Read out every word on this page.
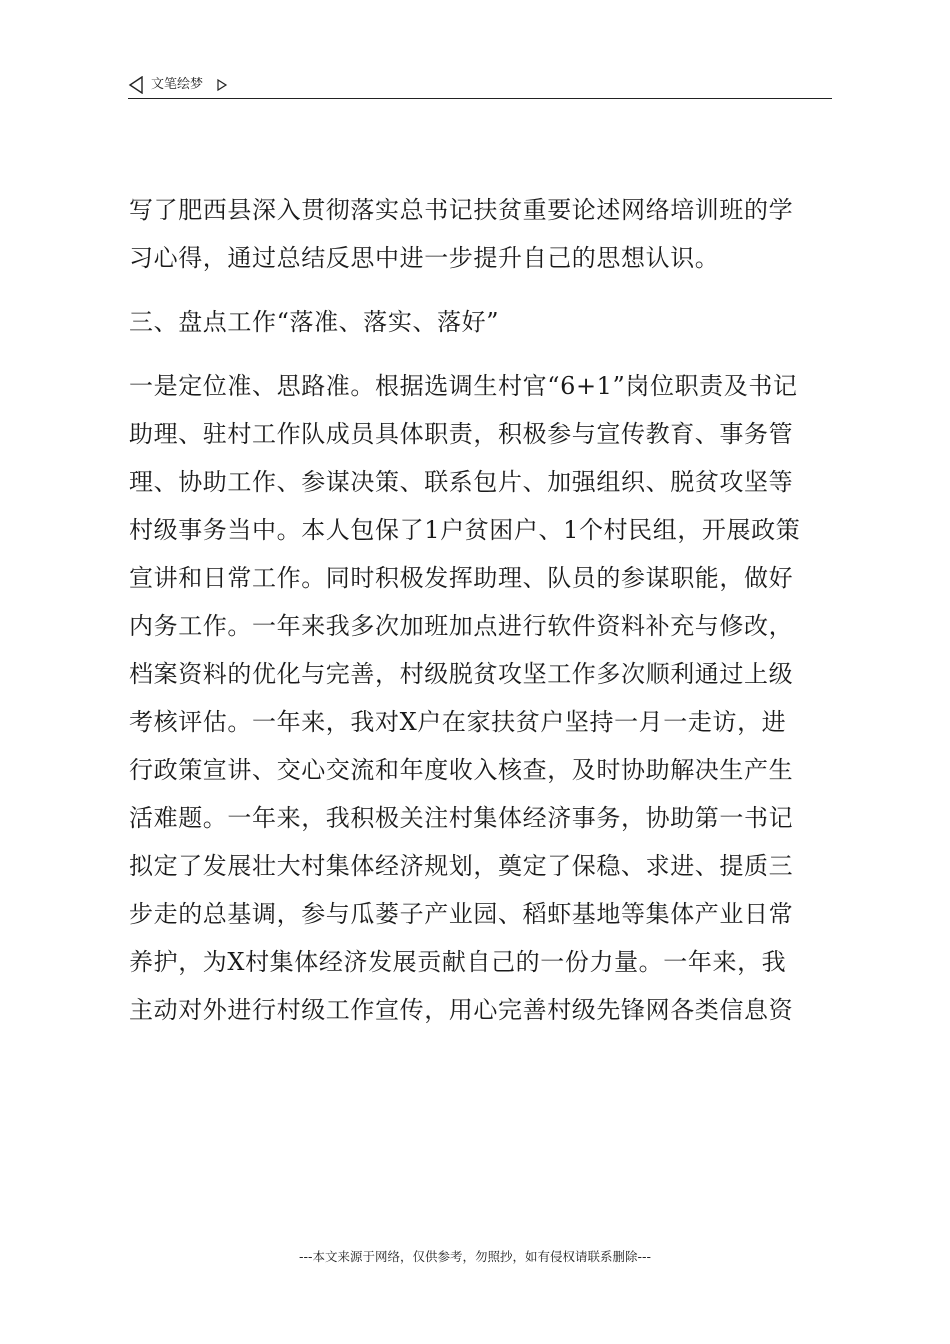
文笔绘梦
写了肥西县深入贯彻落实总书记扶贫重要论述网络培训班的学
习心得，通过总结反思中进一步提升自己的思想认识。
三、盘点工作“落准、落实、落好”
一是定位准、思路准。根据选调生村官“6+1”岗位职责及书记
助理、驻村工作队成员具体职责，积极参与宣传教育、事务管
理、协助工作、参谋决策、联系包片、加强组织、脱贫攻坚等
村级事务当中。本人包保了1户贫困户、1个村民组，开展政策
宣讲和日常工作。同时积极发挥助理、队员的参谋职能，做好
内务工作。一年来我多次加班加点进行软件资料补充与修改，
档案资料的优化与完善，村级脱贫攻坚工作多次顺利通过上级
考核评估。一年来，我对X户在家扶贫户坚持一月一走访，进
行政策宣讲、交心交流和年度收入核查，及时协助解决生产生
活难题。一年来，我积极关注村集体经济事务，协助第一书记
拟定了发展壮大村集体经济规划，奠定了保稳、求进、提质三
步走的总基调，参与瓜蒌子产业园、稻虾基地等集体产业日常
养护，为X村集体经济发展贡献自己的一份力量。一年来，我
主动对外进行村级工作宣传，用心完善村级先锋网各类信息资
---本文来源于网络，仅供参考，勿照抄，如有侵权请联系删除---
